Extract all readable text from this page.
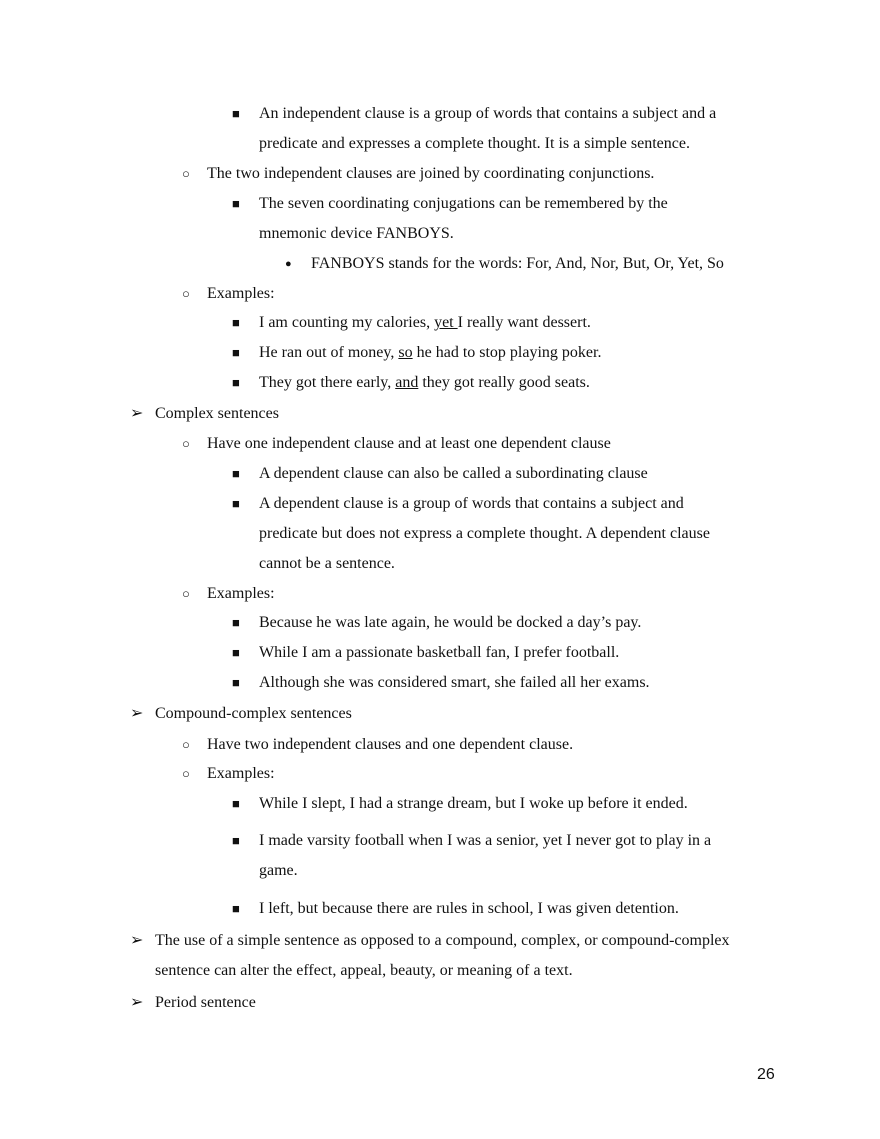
■ An independent clause is a group of words that contains a subject and a
predicate and expresses a complete thought. It is a simple sentence.
○ The two independent clauses are joined by coordinating conjunctions.
■ The seven coordinating conjugations can be remembered by the
mnemonic device FANBOYS.
● FANBOYS stands for the words: For, And, Nor, But, Or, Yet, So
○ Examples:
■ I am counting my calories, yet I really want dessert.
■ He ran out of money, so he had to stop playing poker.
■ They got there early, and they got really good seats.
➢ Complex sentences
○ Have one independent clause and at least one dependent clause
■ A dependent clause can also be called a subordinating clause
■ A dependent clause is a group of words that contains a subject and
predicate but does not express a complete thought. A dependent clause
cannot be a sentence.
○ Examples:
■ Because he was late again, he would be docked a day’s pay.
■ While I am a passionate basketball fan, I prefer football.
■ Although she was considered smart, she failed all her exams.
➢ Compound-complex sentences
○ Have two independent clauses and one dependent clause.
○ Examples:
■ While I slept, I had a strange dream, but I woke up before it ended.
■ I made varsity football when I was a senior, yet I never got to play in a
game.
■ I left, but because there are rules in school, I was given detention.
➢ The use of a simple sentence as opposed to a compound, complex, or compound-complex
sentence can alter the effect, appeal, beauty, or meaning of a text.
➢ Period sentence
26
